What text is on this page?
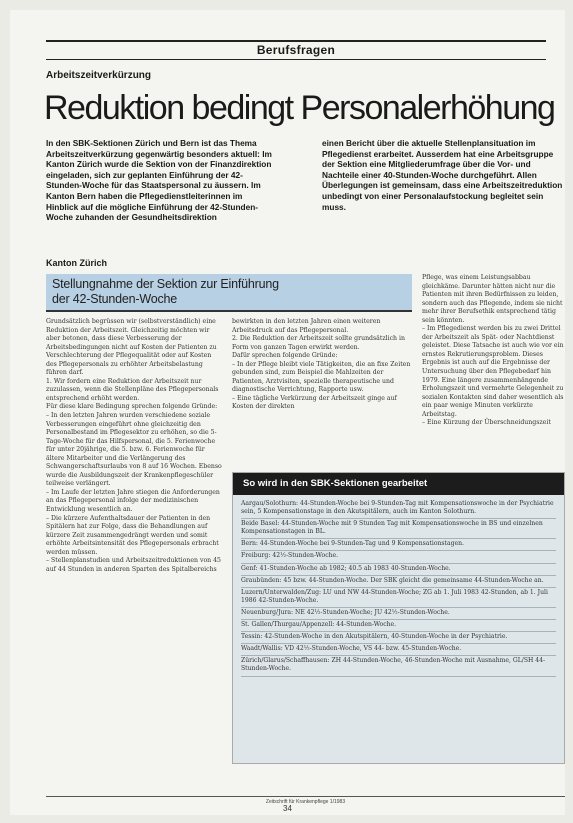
Berufsfragen
Arbeitszeitverkürzung
Reduktion bedingt Personalerhöhung
In den SBK-Sektionen Zürich und Bern ist das Thema Arbeitszeitverkürzung gegenwärtig besonders aktuell: Im Kanton Zürich wurde die Sektion von der Finanzdirektion eingeladen, sich zur geplanten Einführung der 42-Stunden-Woche für das Staatspersonal zu äussern. Im Kanton Bern haben die Pflegedienstleiterinnen im Hinblick auf die mögliche Einführung der 42-Stunden-Woche zuhanden der Gesundheitsdirektion
einen Bericht über die aktuelle Stellenplansituation im Pflegedienst erarbeitet. Ausserdem hat eine Arbeitsgruppe der Sektion eine Mitgliederumfrage über die Vor- und Nachteile einer 40-Stunden-Woche durchgeführt. Allen Überlegungen ist gemeinsam, dass eine Arbeitszeitreduktion unbedingt von einer Personalaufstockung begleitet sein muss.
Kanton Zürich
Stellungnahme der Sektion zur Einführung
der 42-Stunden-Woche

Grundsätzlich begrüssen wir (selbstverständlich) eine Reduktion der Arbeitszeit. Gleichzeitig möchten wir aber betonen, dass diese Verbesserung der Arbeitsbedingungen nicht auf Kosten der Patienten zu Verschlechterung der Pflegequalität oder auf Kosten des Pflegepersonals zu erhöhter Arbeitsbelastung führen darf.

1. Wir fordern eine Reduktion der Arbeitszeit nur zuzulassen, wenn die Stellenpläne des Pflegepersonals entsprechend erhöht werden.

Für diese klare Bedingung sprechen folgende Gründe:

– In den letzten Jahren wurden verschiedene soziale Verbesserungen eingeführt ohne gleichzeitig den Personalbestand im Pflegesektor zu erhöhen, so die 5-Tage-Woche für das Hilfspersonal, die 5. Ferienwoche für unter 20jährige, die 5. bzw. 6. Ferienwoche für ältere Mitarbeiter und die Verlängerung des Schwangerschaftsurlaubs von 8 auf 16 Wochen. Ebenso wurde die Ausbildungszeit der Krankenpflegeschüler teilweise verlängert.

– Im Laufe der letzten Jahre stiegen die Anforderungen an das Pflegepersonal infolge der medizinischen Entwicklung wesentlich an.

– Die kürzere Aufenthaltsdauer der Patienten in den Spitälern hat zur Folge, dass die Behandlungen auf kürzere Zeit zusammengedrängt werden und somit erhöhte Arbeitsintensität des Pflegepersonals erbracht werden müssen.

– Stellenplanstudien und Arbeitszeitreduktionen von 45 auf 44 Stunden in anderen Sparten des Spitalbereichs

bewirkten in den letzten Jahren einen weiteren Arbeitsdruck auf das Pflegepersonal.

2. Die Reduktion der Arbeitszeit sollte grundsätzlich in Form von ganzen Tagen erwirkt werden.

Dafür sprechen folgende Gründe:

– In der Pflege bleibt viele Tätigkeiten, die an fixe Zeiten gebunden sind, zum Beispiel die Mahlzeiten der Patienten, Arztvisiten, spezielle therapeutische und diagnostische Verrichtung, Rapporte usw.

– Eine tägliche Verkürzung der Arbeitszeit ginge auf Kosten der direkten

Pflege, was einem Leistungsabbau gleichkäme. Darunter hätten nicht nur die Patienten mit ihren Bedürfnissen zu leiden, sondern auch das Pflegende, indem sie nicht mehr ihrer Berufsethik entsprechend tätig sein könnten.

– Im Pflegedienst werden bis zu zwei Drittel der Arbeitszeit als Spät- oder Nachtdienst geleistet. Diese Tatsache ist auch wie vor ein ernstes Rekrutierungsproblem. Dieses Ergebnis ist auch auf die Ergebnisse der Untersuchung über den Pflegebedarf hin 1979. Eine längere zusammenhängende Erholungszeit und vermehrte Gelegenheit zu sozialen Kontakten sind daher wesentlich als ein paar wenige Minuten verkürzte Arbeitstag.

– Eine Kürzung der Überschneidungszeit

So wird in den SBK-Sektionen gearbeitet

Aargau/Solothurn: 44-Stunden-Woche bei 9-Stunden-Tag mit Kompensationswoche in der Psychiatrie sein, 5 Kompensationstage in den Akutspitälern, auch im Kanton Solothurn.

Beide Basel: 44-Stunden-Woche mit 9 Stunden Tag mit Kompensationswoche in BS und einzelnen Kompensationstagen in BL.

Bern: 44-Stunden-Woche bei 9-Stunden-Tag und 9 Kompensationstagen.

Freiburg: 42½-Stunden-Woche.

Genf: 41-Stunden-Woche ab 1982; 40.5 ab 1983 40-Stunden-Woche.

Graubünden: 45 bzw. 44-Stunden-Woche. Der SBK gleicht die gemeinsame 44-Stunden-Woche an.

Luzern/Unterwalden/Zug: LU und NW 44-Stunden-Woche; ZG ab 1. Juli 1983 42-Stunden, ab 1. Juli 1986 42-Stunden-Woche.

Neuenburg/Jura: NE 42½-Stunden-Woche; JU 42½-Stunden-Woche.

St. Gallen/Thurgau/Appenzell: 44-Stunden-Woche.

Tessin: 42-Stunden-Woche in den Akutspitälern, 40-Stunden-Woche in der Psychiatrie.

Waadt/Wallis: VD 42½-Stunden-Woche, VS 44- bzw. 45-Stunden-Woche.

Zürich/Glarus/Schaffhausen: ZH 44-Stunden-Woche, 46-Stunden-Woche mit Ausnahme, GL/SH 44-Stunden-Woche.

Zeitschrift für Krankenpflege 1/1983
34
